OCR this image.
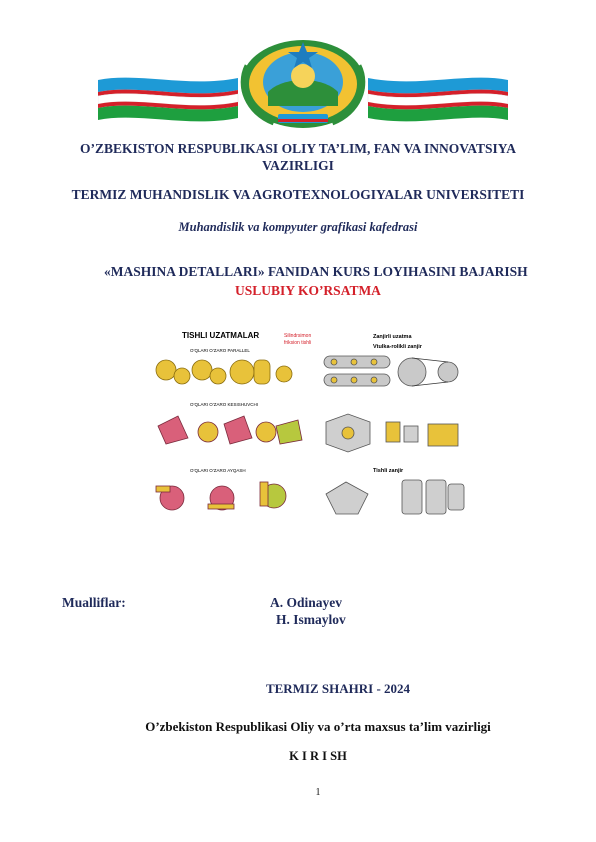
O’ZBEKISTON RESPUBLIKASI OLIY TA’LIM, FAN VA INNOVATSIYA VAZIRLIGI
TERMIZ MUHANDISLIK VA AGROTEXNOLOGIYALAR UNIVERSITETI
Muhandislik va kompyuter grafikasi kafedrasi
«MASHINA DETALLARI» FANIDAN KURS LOYIHASINI BAJARISH
USLUBIY KO’RSATMA
TISHLI UZATMALAR	Silindrsimon
friksion tishli
Zanjirli uzatma
Vtulka-rolikli zanjir
O’QLARI O’ZARO PARALLEL
O’QLARI O’ZARO KESISHUVCHI
O’QLARI O’ZARO AYQASH	Tishli zanjir
Mualliflar:	A. Odinayev
H. Ismaylov
TERMIZ SHAHRI - 2024
O’zbekiston Respublikasi Oliy va o’rta maxsus ta’lim vazirligi
K I R I SH
1
